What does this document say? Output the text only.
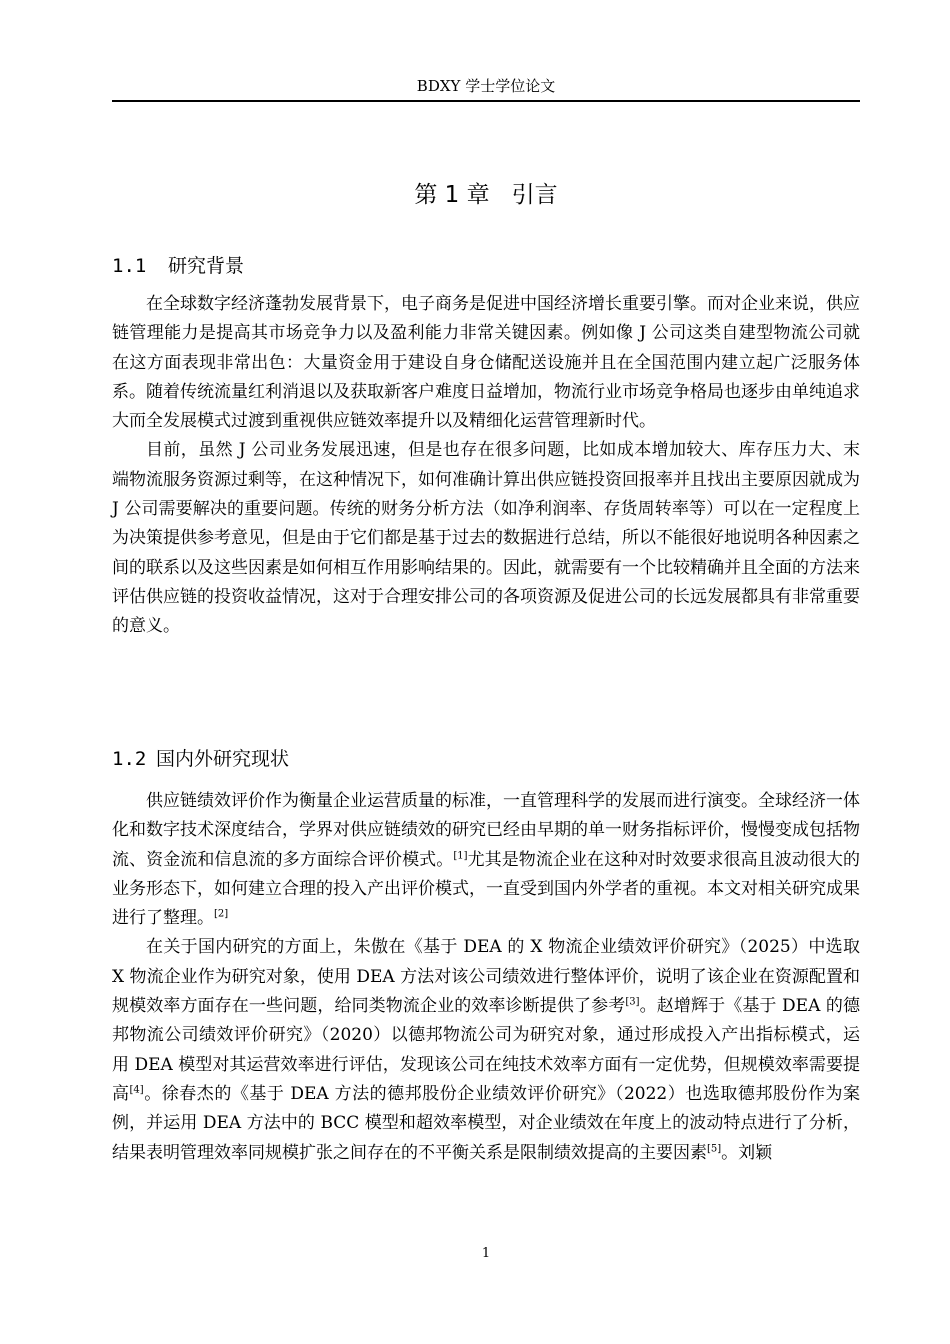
BDXY 学士学位论文
第 1 章 引言
1.1 研究背景

在全球数字经济蓬勃发展背景下，电子商务是促进中国经济增长重要引擎。而对企业来说，供应链管理能力是提高其市场竞争力以及盈利能力非常关键因素。例如像 J 公司这类自建型物流公司就在这方面表现非常出色：大量资金用于建设自身仓储配送设施并且在全国范围内建立起广泛服务体系。随着传统流量红利消退以及获取新客户难度日益增加，物流行业市场竞争格局也逐步由单纯追求大而全发展模式过渡到重视供应链效率提升以及精细化运营管理新时代。

目前，虽然 J 公司业务发展迅速，但是也存在很多问题，比如成本增加较大、库存压力大、末端物流服务资源过剩等，在这种情况下，如何准确计算出供应链投资回报率并且找出主要原因就成为 J 公司需要解决的重要问题。传统的财务分析方法（如净利润率、存货周转率等）可以在一定程度上为决策提供参考意见，但是由于它们都是基于过去的数据进行总结，所以不能很好地说明各种因素之间的联系以及这些因素是如何相互作用影响结果的。因此，就需要有一个比较精确并且全面的方法来评估供应链的投资收益情况，这对于合理安排公司的各项资源及促进公司的长远发展都具有非常重要的意义。

1.2 国内外研究现状

供应链绩效评价作为衡量企业运营质量的标准，一直管理科学的发展而进行演变。全球经济一体化和数字技术深度结合，学界对供应链绩效的研究已经由早期的单一财务指标评价，慢慢变成包括物流、资金流和信息流的多方面综合评价模式。[1]尤其是物流企业在这种对时效要求很高且波动很大的业务形态下，如何建立合理的投入产出评价模式，一直受到国内外学者的重视。本文对相关研究成果进行了整理。[2]

在关于国内研究的方面上，朱傲在《基于 DEA 的 X 物流企业绩效评价研究》（2025）中选取 X 物流企业作为研究对象，使用 DEA 方法对该公司绩效进行整体评价，说明了该企业在资源配置和规模效率方面存在一些问题，给同类物流企业的效率诊断提供了参考[3]。赵增辉于《基于 DEA 的德邦物流公司绩效评价研究》（2020）以德邦物流公司为研究对象，通过形成投入产出指标模式，运用 DEA 模型对其运营效率进行评估，发现该公司在纯技术效率方面有一定优势，但规模效率需要提高[4]。徐春杰的《基于 DEA 方法的德邦股份企业绩效评价研究》（2022）也选取德邦股份作为案例，并运用 DEA 方法中的 BCC 模型和超效率模型，对企业绩效在年度上的波动特点进行了分析，结果表明管理效率同规模扩张之间存在的不平衡关系是限制绩效提高的主要因素[5]。刘颖

1
